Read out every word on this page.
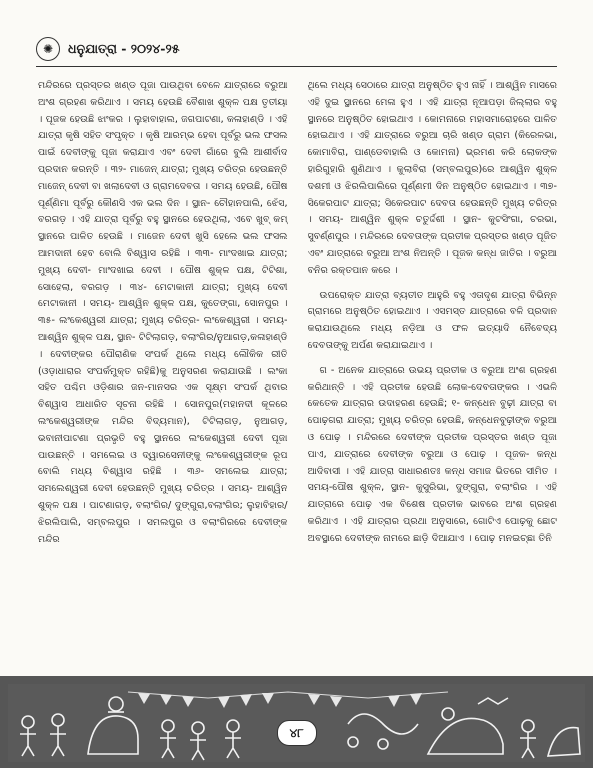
✺	ଧନୁଯାତ୍ରା - ୨୦୨୪-୨୫

ମନ୍ଦିରରେ ପ୍ରସ୍ତର ଖଣ୍ଡ ପୂଜା ପାଉଥିବା ବେଳେ ଯାତ୍ରାରେ ବରୁଆ ଅଂଶ ଗ୍ରହଣ କରିଥାଏ । ସମୟ ହେଉଛି ବୈଶାଖ ଶୁକ୍ଳ ପକ୍ଷ ତୃତୀୟା । ପୂଜକ ହେଉଛି ଝାଂକର । ଲୁହାବାହାଲ, ଜଗପାଟଣା, କଳାହାଣ୍ଡି । ଏହି ଯାତ୍ରା କୃଷି ସହିତ ସଂପୃକ୍ତ । କୃଷି ଆରମ୍ଭ ହେବା ପୂର୍ବରୁ ଭଲ ଫସଲ ପାଇଁ ଦେବୀଙ୍କୁ ପୂଜା କରାଯାଏ ଏବଂ ଦେବୀ ଗାଁରେ ବୁଲି ଆଶୀର୍ବାଦ ପ୍ରଦାନ କରନ୍ତି । ୩୨- ମାଜେନ୍ ଯାତ୍ରା; ମୁଖ୍ୟ ଚରିତ୍ର ହେଉଛନ୍ତି ମାଜେନ୍ ଦେବୀ ବା ଖଲାଦେବୀ ଓ ଗ୍ରାମଦେବତା । ସମୟ ହେଉଛି, ପୌଷ ପୂର୍ଣ୍ଣିମା ପୂର୍ବରୁ କୌଣସି ଏକ ଭଲ ଦିନ । ସ୍ଥାନ- ଚୌହାନପାଲି, ଝେଁସ, ବରଗଡ଼ । ଏହି ଯାତ୍ରା ପୂର୍ବରୁ ବହୁ ସ୍ଥାନରେ ହେଉଥିଲା, ଏବେ ଖୁବ୍ କମ୍ ସ୍ଥାନରେ ପାଳିତ ହେଉଛି । ମାଜେନ ଦେବୀ ଖୁସି ହେଲେ ଭଲ ଫସଲ ଆମଦାନୀ ହେବ ବୋଲି ବିଶ୍ୱାସ ରହିଛି । ୩୩- ମାଂଦଖାଇ ଯାତ୍ରା; ମୁଖ୍ୟ ଦେବୀ- ମାଂଦଖାଇ ଦେବୀ । ପୌଷ ଶୁକ୍ଳ ପକ୍ଷ, ଟିଟିଶା, ସୋହେଲା, ବରଗଡ଼ । ୩୪- ମେଟାକାନୀ ଯାତ୍ରା; ମୁଖ୍ୟ ଦେବୀ ମେଟାକାନୀ । ସମୟ- ଆଶ୍ୱିନ ଶୁକ୍ଳ ପକ୍ଷ, କୁତେଙ୍ଗା, ସୋନପୁର । ୩୫- ଲଂକେଶ୍ୱରୀ ଯାତ୍ରା; ମୁଖ୍ୟ ଚରିତ୍ର- ଲଂକେଶ୍ୱରୀ । ସମୟ- ଆଶ୍ୱିନ ଶୁକ୍ଳ ପକ୍ଷ, ସ୍ଥାନ- ଟିଟିଲାଗଡ଼, ବଲାଂଗିର/ନୁଆଗଡ଼,କଳାହାଣ୍ଡି । ଦେବୀଙ୍କର ପୌରାଣିକ ସଂପର୍କ ଥିଲେ ମଧ୍ୟ ଲୌକିକ ରୀତି (ଓଡ଼ାଧାରାର ସଂପର୍କମୁକ୍ତ ରହିଛି)କୁ ଅନୁସରଣ କରାଯାଉଛି । ଲଂକା ସହିତ ପଶ୍ଚିମ ଓଡ଼ିଶାର ଜନ-ମାନସର ଏକ ସୂକ୍ଷ୍ମ ସଂପର୍କ ଥିବାର ବିଶ୍ୱାସ ଆଧାରିତ ସୂଚନା ରହିଛି । ସୋନପୁର(ମହାନଦୀ କୂଳରେ ଲଂକେଶ୍ୱରୀଙ୍କ ମନ୍ଦିର ବିଦ୍ୟମାନ), ଟିଟିଲାଗଡ଼, ନୁଆଗଡ଼, ଭବାନୀପାଟଣା ପ୍ରଭୃତି ବହୁ ସ୍ଥାନରେ ଲଂକେଶ୍ୱରୀ ଦେବୀ ପୂଜା ପାଉଛନ୍ତି । ସମଲେଇ ଓ ଦ୍ୱାରସେନୀଙ୍କୁ ଲଂକେଶ୍ୱରୀଙ୍କ ରୂପ ବୋଲି ମଧ୍ୟ ବିଶ୍ୱାସ ରହିଛି । ୩୬- ସମଲେଇ ଯାତ୍ରା; ସମଲେଶ୍ୱରୀ ଦେବୀ ହେଉଛନ୍ତି ମୁଖ୍ୟ ଚରିତ୍ର । ସମୟ- ଆଶ୍ୱିନ ଶୁକ୍ଳ ପକ୍ଷ । ପାଟଣାଗଡ଼, ବଲାଂଗିର/ ଦୁଙ୍ଗୁରା,ବଲାଂଗିର; ଲୁହାବିହାର/ ଝିରଲିପାଲି, ସମ୍ବଲପୁର । ସମଲପୁର ଓ ବଲାଂଗିରରେ ଦେବୀଙ୍କ ମନ୍ଦିର

ଥିଲେ ମଧ୍ୟ ସେଠାରେ ଯାତ୍ରା ଅନୁଷ୍ଠିତ ହୁଏ ନାହିଁ । ଆଶ୍ୱିନ ମାସରେ ଏହି ଦୁଇ ସ୍ଥାନରେ ମେଳା ହୁଏ । ଏହି ଯାତ୍ରା ନୂଆପଡ଼ା ଜିଲ୍ଲାର ବହୁ ସ୍ଥାନରେ ଅନୁଷ୍ଠିତ ହୋଇଥାଏ । କୋମନାରେ ମହାସମାରୋହରେ ପାଳିତ ହୋଇଥାଏ । ଏହି ଯାତ୍ରାରେ ବରୁଆ ଚାରି ଖଣ୍ଡ ଗ୍ରାମ (କିରେଳଭା, କୋମାବିରା, ପାଣ୍ଡେବାହାଲି ଓ କୋମନା) ଭ୍ରମଣ କରି ଲୋକଙ୍କ ହାରିଗୁହାରି ଶୁଣିଥାଏ । କୁଲାବିରା (ସମ୍ବଲପୁର)ରେ ଆଶ୍ୱିନ ଶୁକ୍ଳ ଦଶମୀ ଓ ଝିରଲିପାଲିରେ ପୂର୍ଣ୍ଣମୀ ଦିନ ଅନୁଷ୍ଠିତ ହୋଇଥାଏ । ୩୭- ସିକେରପାଟ ଯାତ୍ରା; ସିକେରପାଟ ଦେବତା ହେଉଛନ୍ତି ମୁଖ୍ୟ ଚରିତ୍ର । ସମୟ- ଆଶ୍ୱିନ ଶୁକ୍ଳ ଚତୁର୍ଦ୍ଦଶୀ । ସ୍ଥାନ- କୁଟସିଂଗା, ଚରଭା, ସୁବର୍ଣ୍ଣପୁର । ମନ୍ଦିରରେ ଦେବତାଙ୍କ ପ୍ରତୀକ ପ୍ରସ୍ତର ଖଣ୍ଡ ପୂଜିତ ଏବଂ ଯାତ୍ରାରେ ବରୁଆ ଅଂଶ ନିଅନ୍ତି । ପୂଜକ କନ୍ଧ ଜାତିର । ବରୁଆ ବନିର ରକ୍ତପାନ କରେ ।

ଉପରୋକ୍ତ ଯାତ୍ରା ବ୍ୟତୀତ ଆହୁରି ବହୁ ଏତାଦୃଶ ଯାତ୍ରା ବିଭିନ୍ନ ଗ୍ରାମରେ ଅନୁଷ୍ଠିତ ହୋଇଥାଏ । ଏସମସ୍ତ ଯାତ୍ରାରେ ବଳି ପ୍ରଦାନ କରାଯାଉଥିଲେ ମଧ୍ୟ ନଡ଼ିଆ ଓ ଫଳ ଇତ୍ୟାଦି ନୈବେଦ୍ୟ ଦେବତାଙ୍କୁ ଅର୍ପଣ କରାଯାଇଥାଏ ।

ଗ - ଅନେକ ଯାତ୍ରାରେ ଉଭୟ ପ୍ରତୀକ ଓ ବରୁଆ ଅଂଶ ଗ୍ରହଣ କରିଥାନ୍ତି । ଏହି ପ୍ରତୀକ ହେଉଛି ଲୋକ-ଦେବତାଙ୍କର । ଏଭଳି କେତେକ ଯାତ୍ରାର ଉଦାହରଣ ହେଉଛି; ୧- କନ୍ଧେନ ବୁଢ଼ୀ ଯାତ୍ରା ବା ପୋଢ଼ଗରା ଯାତ୍ରା; ମୁଖ୍ୟ ଚରିତ୍ର ହେଉଛି, କନ୍ଧେନବୁଢ଼ୀଙ୍କ ବରୁଆ ଓ ପୋଢ଼ । ମନ୍ଦିରରେ ଦେବୀଙ୍କ ପ୍ରତୀକ ପ୍ରସ୍ତର ଖଣ୍ଡ ପୂଜା ପାଏ, ଯାତ୍ରାରେ ଦେବୀଙ୍କ ବରୁଆ ଓ ପୋଢ଼ । ପୂଜକ- କନ୍ଧ ଆଦିବାସୀ । ଏହି ଯାତ୍ରା ସାଧାରଣତଃ କନ୍ଧ ସମାଜ ଭିତରେ ସୀମିତ । ସମୟ-ପୌଷ ଶୁକ୍ଳ, ସ୍ଥାନ- କୁସୁରିଭା, ଦୁଙ୍ଗୁରା, ବଲାଂଗିର । ଏହି ଯାତ୍ରାରେ ପୋଢ଼ ଏକ ବିଶେଷ ପ୍ରତୀକ ଭାବରେ ଅଂଶ ଗ୍ରହଣ କରିଥାଏ । ଏହି ଯାତ୍ରାର ପ୍ରଥା ଅନୁସାରେ, ଗୋଟିଏ ପୋଢ଼କୁ ଛୋଟ ଅବସ୍ଥାରେ ଦେବୀଙ୍କ ନାମରେ ଛାଡ଼ି ଦିଆଯାଏ । ପୋଢ଼ ମନଇଚ୍ଛା ତିନି

୪୮
